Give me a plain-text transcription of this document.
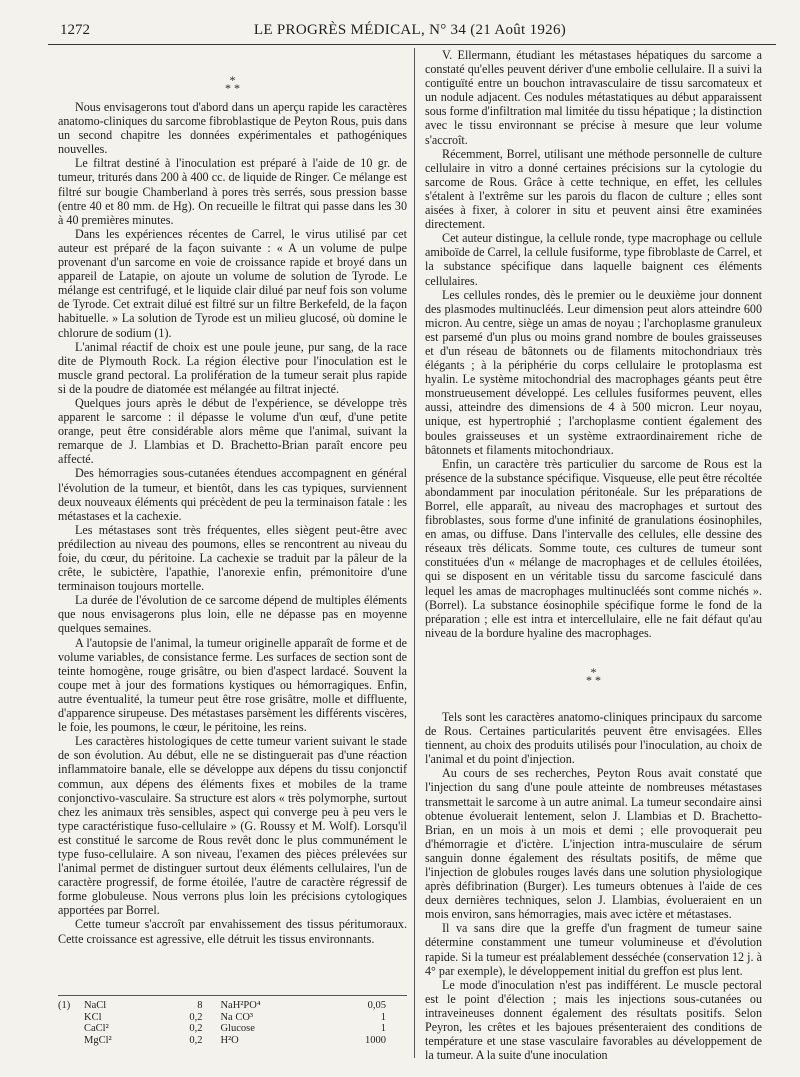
1272	LE PROGRÈS MÉDICAL, N° 34 (21 Août 1926)

*
* *

Nous envisagerons tout d'abord dans un aperçu rapide les caractères anatomo-cliniques du sarcome fibroblastique de Peyton Rous, puis dans un second chapitre les données expérimentales et pathogéniques nouvelles.

Le filtrat destiné à l'inoculation est préparé à l'aide de 10 gr. de tumeur, triturés dans 200 à 400 cc. de liquide de Ringer. Ce mélange est filtré sur bougie Chamberland à pores très serrés, sous pression basse (entre 40 et 80 mm. de Hg). On recueille le filtrat qui passe dans les 30 à 40 premières minutes.

Dans les expériences récentes de Carrel, le virus utilisé par cet auteur est préparé de la façon suivante : « A un volume de pulpe provenant d'un sarcome en voie de croissance rapide et broyé dans un appareil de Latapie, on ajoute un volume de solution de Tyrode. Le mélange est centrifugé, et le liquide clair dilué par neuf fois son volume de Tyrode. Cet extrait dilué est filtré sur un filtre Berkefeld, de la façon habituelle. » La solution de Tyrode est un milieu glucosé, où domine le chlorure de sodium (1).

L'animal réactif de choix est une poule jeune, pur sang, de la race dite de Plymouth Rock. La région élective pour l'inoculation est le muscle grand pectoral. La prolifération de la tumeur serait plus rapide si de la poudre de diatomée est mélangée au filtrat injecté.

Quelques jours après le début de l'expérience, se développe très apparent le sarcome : il dépasse le volume d'un œuf, d'une petite orange, peut être considérable alors même que l'animal, suivant la remarque de J. Llambias et D. Brachetto-Brian paraît encore peu affecté.

Des hémorragies sous-cutanées étendues accompagnent en général l'évolution de la tumeur, et bientôt, dans les cas typiques, surviennent deux nouveaux éléments qui précèdent de peu la terminaison fatale : les métastases et la cachexie.

Les métastases sont très fréquentes, elles siègent peut-être avec prédilection au niveau des poumons, elles se rencontrent au niveau du foie, du cœur, du péritoine. La cachexie se traduit par la pâleur de la crête, le subictère, l'apathie, l'anorexie enfin, prémonitoire d'une terminaison toujours mortelle.

La durée de l'évolution de ce sarcome dépend de multiples éléments que nous envisagerons plus loin, elle ne dépasse pas en moyenne quelques semaines.

A l'autopsie de l'animal, la tumeur originelle apparaît de forme et de volume variables, de consistance ferme. Les surfaces de section sont de teinte homogène, rouge grisâtre, ou bien d'aspect lardacé. Souvent la coupe met à jour des formations kystiques ou hémorragiques. Enfin, autre éventualité, la tumeur peut être rose grisâtre, molle et diffluente, d'apparence sirupeuse. Des métastases parsèment les différents viscères, le foie, les poumons, le cœur, le péritoine, les reins.

Les caractères histologiques de cette tumeur varient suivant le stade de son évolution. Au début, elle ne se distinguerait pas d'une réaction inflammatoire banale, elle se développe aux dépens du tissu conjonctif commun, aux dépens des éléments fixes et mobiles de la trame conjonctivo-vasculaire. Sa structure est alors « très polymorphe, surtout chez les animaux très sensibles, aspect qui converge peu à peu vers le type caractéristique fuso-cellulaire » (G. Roussy et M. Wolf). Lorsqu'il est constitué le sarcome de Rous revêt donc le plus communément le type fuso-cellulaire. A son niveau, l'examen des pièces prélevées sur l'animal permet de distinguer surtout deux éléments cellulaires, l'un de caractère progressif, de forme étoilée, l'autre de caractère régressif de forme globuleuse. Nous verrons plus loin les précisions cytologiques apportées par Borrel.

Cette tumeur s'accroît par envahissement des tissus péritumoraux. Cette croissance est agressive, elle détruit les tissus environnants.

(1)	NaCl	8	NaH²PO⁴	0,05
	KCl	0,2	Na CO³	1
	CaCl²	0,2	Glucose	1
	MgCl²	0,2	H²O	1000

V. Ellermann, étudiant les métastases hépatiques du sarcome a constaté qu'elles peuvent dériver d'une embolie cellulaire. Il a suivi la contiguïté entre un bouchon intravasculaire de tissu sarcomateux et un nodule adjacent. Ces nodules métastatiques au début apparaissent sous forme d'infiltration mal limitée du tissu hépatique ; la distinction avec le tissu environnant se précise à mesure que leur volume s'accroît.

Récemment, Borrel, utilisant une méthode personnelle de culture cellulaire in vitro a donné certaines précisions sur la cytologie du sarcome de Rous. Grâce à cette technique, en effet, les cellules s'étalent à l'extrême sur les parois du flacon de culture ; elles sont aisées à fixer, à colorer in situ et peuvent ainsi être examinées directement.

Cet auteur distingue, la cellule ronde, type macrophage ou cellule amiboïde de Carrel, la cellule fusiforme, type fibroblaste de Carrel, et la substance spécifique dans laquelle baignent ces éléments cellulaires.

Les cellules rondes, dès le premier ou le deuxième jour donnent des plasmodes multinucléés. Leur dimension peut alors atteindre 600 micron. Au centre, siège un amas de noyau ; l'archoplasme granuleux est parsemé d'un plus ou moins grand nombre de boules graisseuses et d'un réseau de bâtonnets ou de filaments mitochondriaux très élégants ; à la périphérie du corps cellulaire le protoplasma est hyalin. Le système mitochondrial des macrophages géants peut être monstrueusement développé. Les cellules fusiformes peuvent, elles aussi, atteindre des dimensions de 4 à 500 micron. Leur noyau, unique, est hypertrophié ; l'archoplasme contient également des boules graisseuses et un système extraordinairement riche de bâtonnets et filaments mitochondriaux.

Enfin, un caractère très particulier du sarcome de Rous est la présence de la substance spécifique. Visqueuse, elle peut être récoltée abondamment par inoculation péritonéale. Sur les préparations de Borrel, elle apparaît, au niveau des macrophages et surtout des fibroblastes, sous forme d'une infinité de granulations éosinophiles, en amas, ou diffuse. Dans l'intervalle des cellules, elle dessine des réseaux très délicats. Somme toute, ces cultures de tumeur sont constituées d'un « mélange de macrophages et de cellules étoilées, qui se disposent en un véritable tissu du sarcome fasciculé dans lequel les amas de macrophages multinucléés sont comme nichés ». (Borrel). La substance éosinophile spécifique forme le fond de la préparation ; elle est intra et intercellulaire, elle ne fait défaut qu'au niveau de la bordure hyaline des macrophages.

*
* *

Tels sont les caractères anatomo-cliniques principaux du sarcome de Rous. Certaines particularités peuvent être envisagées. Elles tiennent, au choix des produits utilisés pour l'inoculation, au choix de l'animal et du point d'injection.

Au cours de ses recherches, Peyton Rous avait constaté que l'injection du sang d'une poule atteinte de nombreuses métastases transmettait le sarcome à un autre animal. La tumeur secondaire ainsi obtenue évoluerait lentement, selon J. Llambias et D. Brachetto-Brian, en un mois à un mois et demi ; elle provoquerait peu d'hémorragie et d'ictère. L'injection intra-musculaire de sérum sanguin donne également des résultats positifs, de même que l'injection de globules rouges lavés dans une solution physiologique après défibrination (Burger). Les tumeurs obtenues à l'aide de ces deux dernières techniques, selon J. Llambias, évolueraient en un mois environ, sans hémorragies, mais avec ictère et métastases.

Il va sans dire que la greffe d'un fragment de tumeur saine détermine constamment une tumeur volumineuse et d'évolution rapide. Si la tumeur est préalablement desséchée (conservation 12 j. à 4° par exemple), le développement initial du greffon est plus lent.

Le mode d'inoculation n'est pas indifférent. Le muscle pectoral est le point d'élection ; mais les injections sous-cutanées ou intraveineuses donnent également des résultats positifs. Selon Peyron, les crêtes et les bajoues présenteraient des conditions de température et une stase vasculaire favorables au développement de la tumeur. A la suite d'une inoculation
